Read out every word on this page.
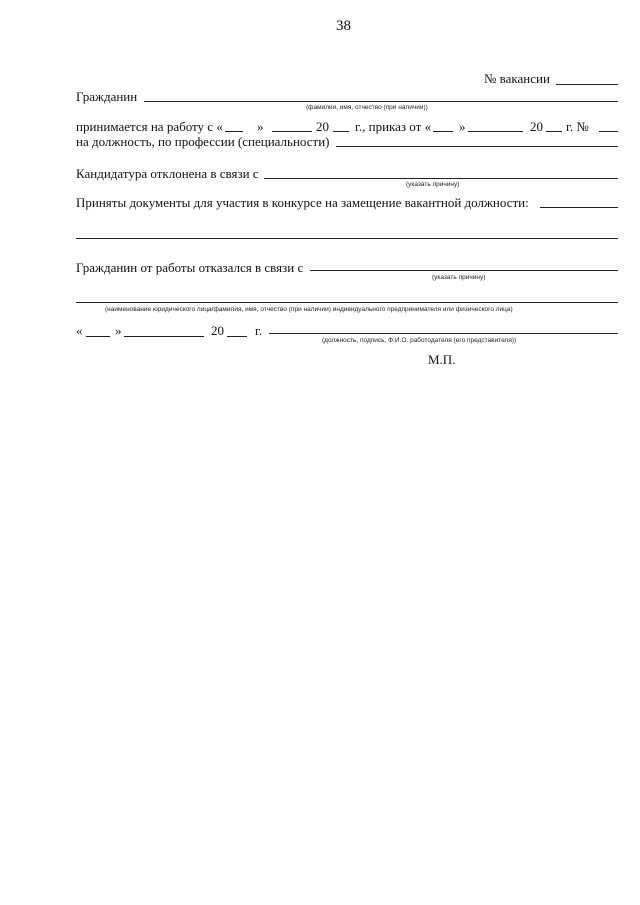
38
№ вакансии
Гражданин
(фамилия, имя, отчество (при наличии))
принимается на работу с «	»	20 г., приказ от « »	20 г. №
на должность, по профессии (специальности)
Кандидатура отклонена в связи с
(указать причину)
Приняты документы для участия в конкурсе на замещение вакантной должности:
Гражданин от работы отказался в связи с
(указать причину)
(наименование юридического лица/фамилия, имя, отчество (при наличии) индивидуального предпринимателя или физического лица)
«	»	20 г.
(должность, подпись, Ф.И.О. работодателя (его представителя))
М.П.
